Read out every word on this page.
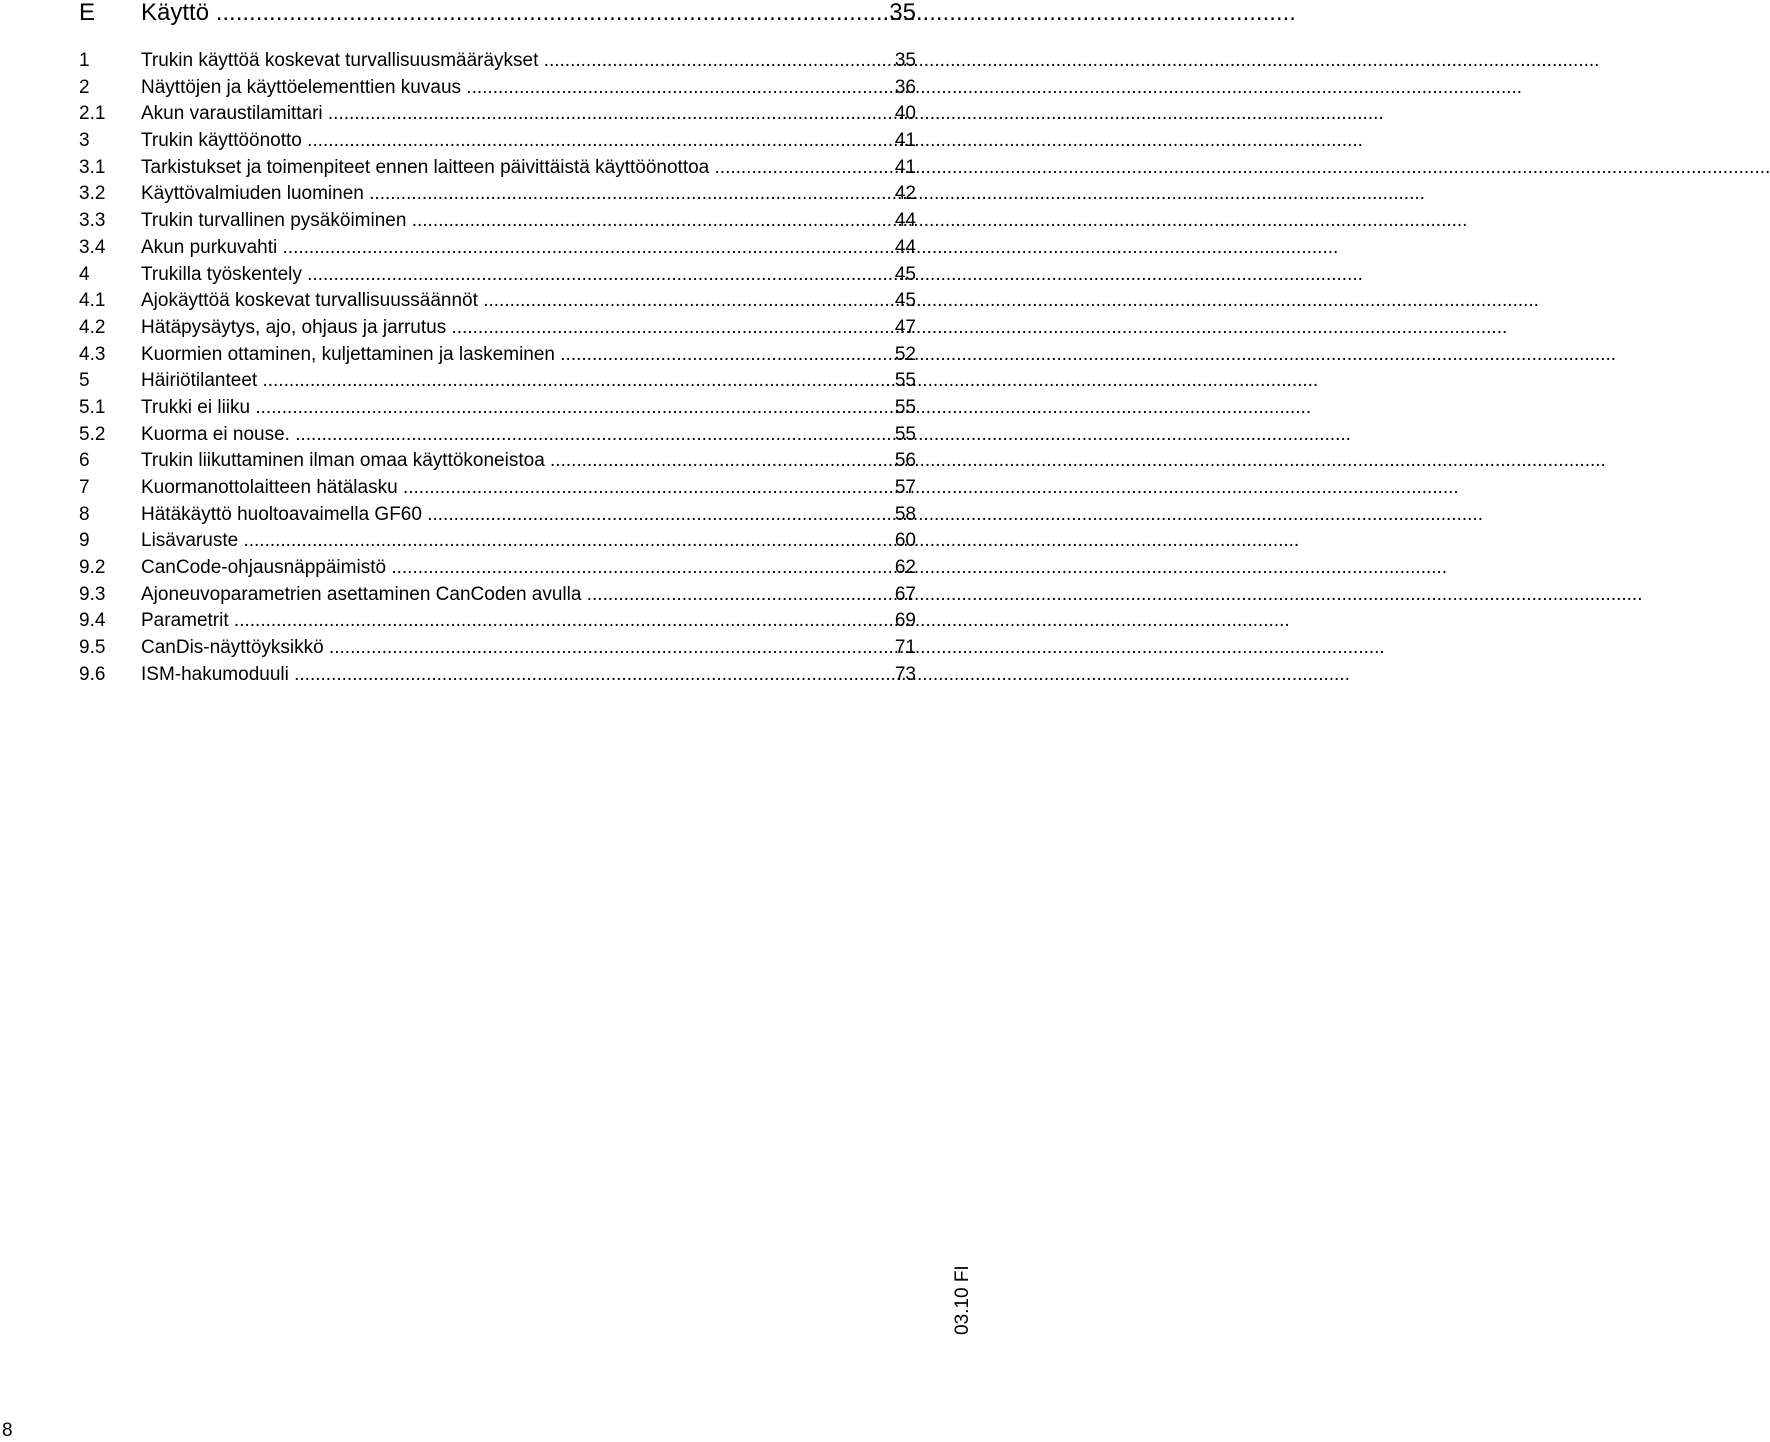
E Käyttö .....	35
1	Trukin käyttöä koskevat turvallisuusmääräykset .....	35
2	Näyttöjen ja käyttöelementtien kuvaus .....	36
2.1 Akun varaustilamittari .....	40
3	Trukin käyttöönotto .....	41
3.1 Tarkistukset ja toimenpiteet ennen laitteen päivittäistä käyttöönottoa .....	41
3.2 Käyttövalmiuden luominen .....	42
3.3 Trukin turvallinen pysäköiminen .....	44
3.4 Akun purkuvahti .....	44
4	Trukilla työskentely .....	45
4.1 Ajokäyttöä koskevat turvallisuussäännöt .....	45
4.2 Hätäpysäytys, ajo, ohjaus ja jarrutus .....	47
4.3 Kuormien ottaminen, kuljettaminen ja laskeminen .....	52
5	Häiriötilanteet .....	55
5.1 Trukki ei liiku .....	55
5.2 Kuorma ei nouse. .....	55
6	Trukin liikuttaminen ilman omaa käyttökoneistoa .....	56
7	Kuormanottolaitteen hätälasku .....	57
8	Hätäkäyttö huoltoavaimella GF60 .....	58
9	Lisävaruste .....	60
9.2 CanCode-ohjausnäppäimistö .....	62
9.3 Ajoneuvoparametrien asettaminen CanCoden avulla .....	67
9.4 Parametrit .....	69
9.5 CanDis-näyttöyksikkö .....	71
9.6 ISM-hakumoduuli .....	73
03.10 FI
8
